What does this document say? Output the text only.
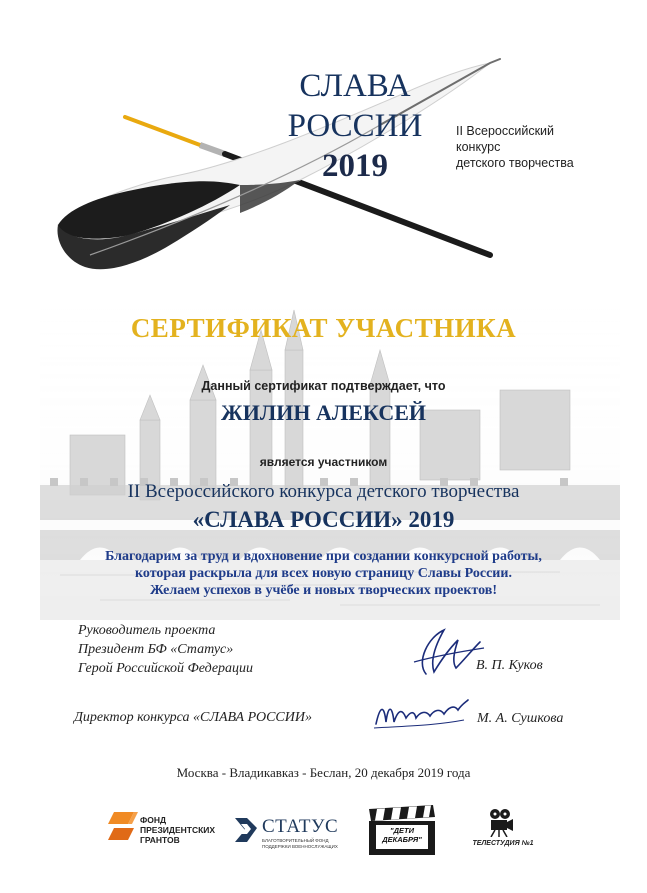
СЛАВА
РОССИИ
2019
II Всероссийский
конкурс
детского творчества
СЕРТИФИКАТ УЧАСТНИКА
Данный сертификат подтверждает, что
ЖИЛИН АЛЕКСЕЙ
является участником
II Всероссийского конкурса детского творчества
«СЛАВА РОССИИ» 2019
Благодарим за труд и вдохновение при создании конкурсной работы,
которая раскрыла для всех новую страницу Славы России.
Желаем успехов в учёбе и новых творческих проектов!
Руководитель проекта
Президент БФ «Статус»
Герой Российской Федерации	В. П. Куков
Директор конкурса «СЛАВА РОССИИ»	М. А. Сушкова
Москва - Владикавказ - Беслан, 20 декабря 2019 года
ФОНД
ПРЕЗИДЕНТСКИХ
ГРАНТОВ
СТАТУС
БЛАГОТВОРИТЕЛЬНЫЙ ФОНД
ПОДДЕРЖКИ ВОЕННОСЛУЖАЩИХ
"ДЕТИ
ДЕКАБРЯ"	ТЕЛЕСТУДИЯ №1
